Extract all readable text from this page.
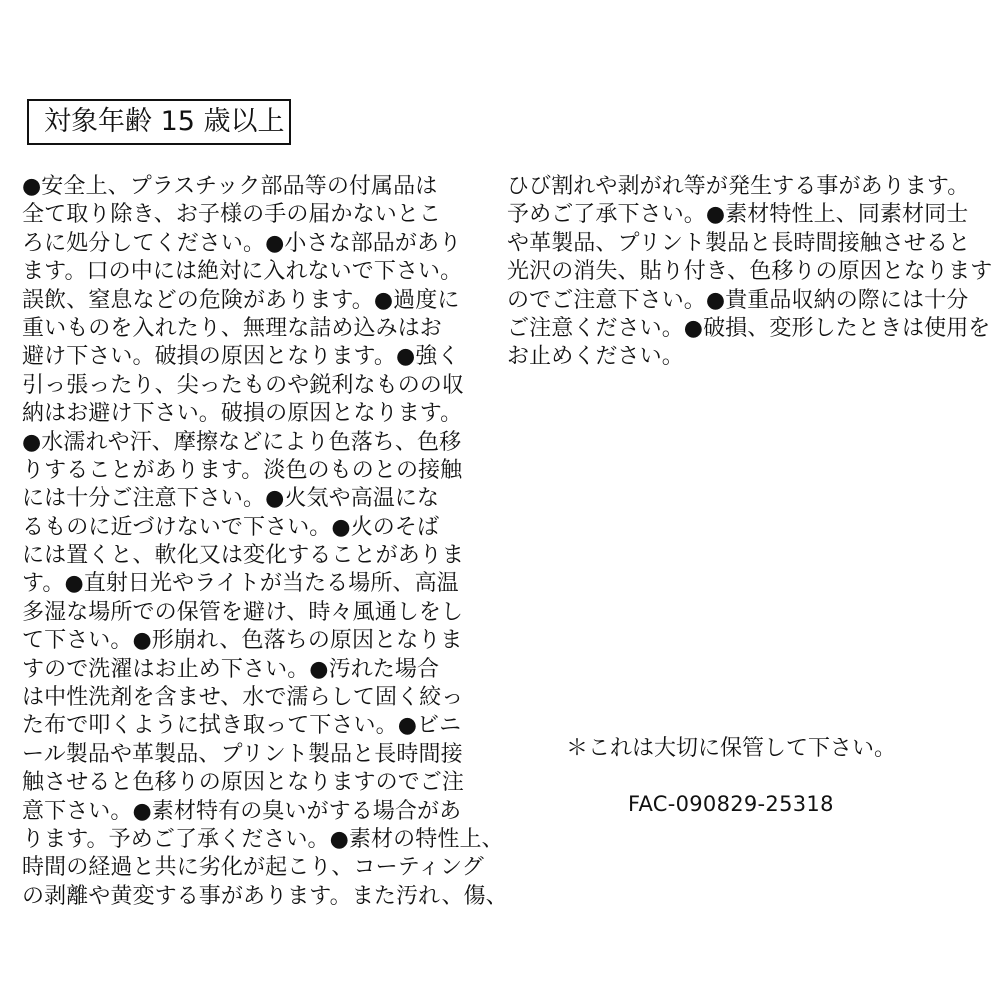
対象年齢 15 歳以上
●安全上、プラスチック部品等の付属品は
全て取り除き、お子様の手の届かないとこ
ろに処分してください。●小さな部品があり
ます。口の中には絶対に入れないで下さい。
誤飲、窒息などの危険があります。●過度に
重いものを入れたり、無理な詰め込みはお
避け下さい。破損の原因となります。●強く
引っ張ったり、尖ったものや鋭利なものの収
納はお避け下さい。破損の原因となります。
●水濡れや汗、摩擦などにより色落ち、色移
りすることがあります。淡色のものとの接触
には十分ご注意下さい。●火気や高温にな
るものに近づけないで下さい。●火のそば
には置くと、軟化又は変化することがありま
す。●直射日光やライトが当たる場所、高温
多湿な場所での保管を避け、時々風通しをし
て下さい。●形崩れ、色落ちの原因となりま
すので洗濯はお止め下さい。●汚れた場合
は中性洗剤を含ませ、水で濡らして固く絞っ
た布で叩くように拭き取って下さい。●ビニ
ール製品や革製品、プリント製品と長時間接
触させると色移りの原因となりますのでご注
意下さい。●素材特有の臭いがする場合があ
ります。予めご了承ください。●素材の特性上、
時間の経過と共に劣化が起こり、コーティング
の剥離や黄変する事があります。また汚れ、傷、
ひび割れや剥がれ等が発生する事があります。
予めご了承下さい。●素材特性上、同素材同士
や革製品、プリント製品と長時間接触させると
光沢の消失、貼り付き、色移りの原因となります
のでご注意下さい。●貴重品収納の際には十分
ご注意ください。●破損、変形したときは使用を
お止めください。
＊これは大切に保管して下さい。
FAC-090829-25318
